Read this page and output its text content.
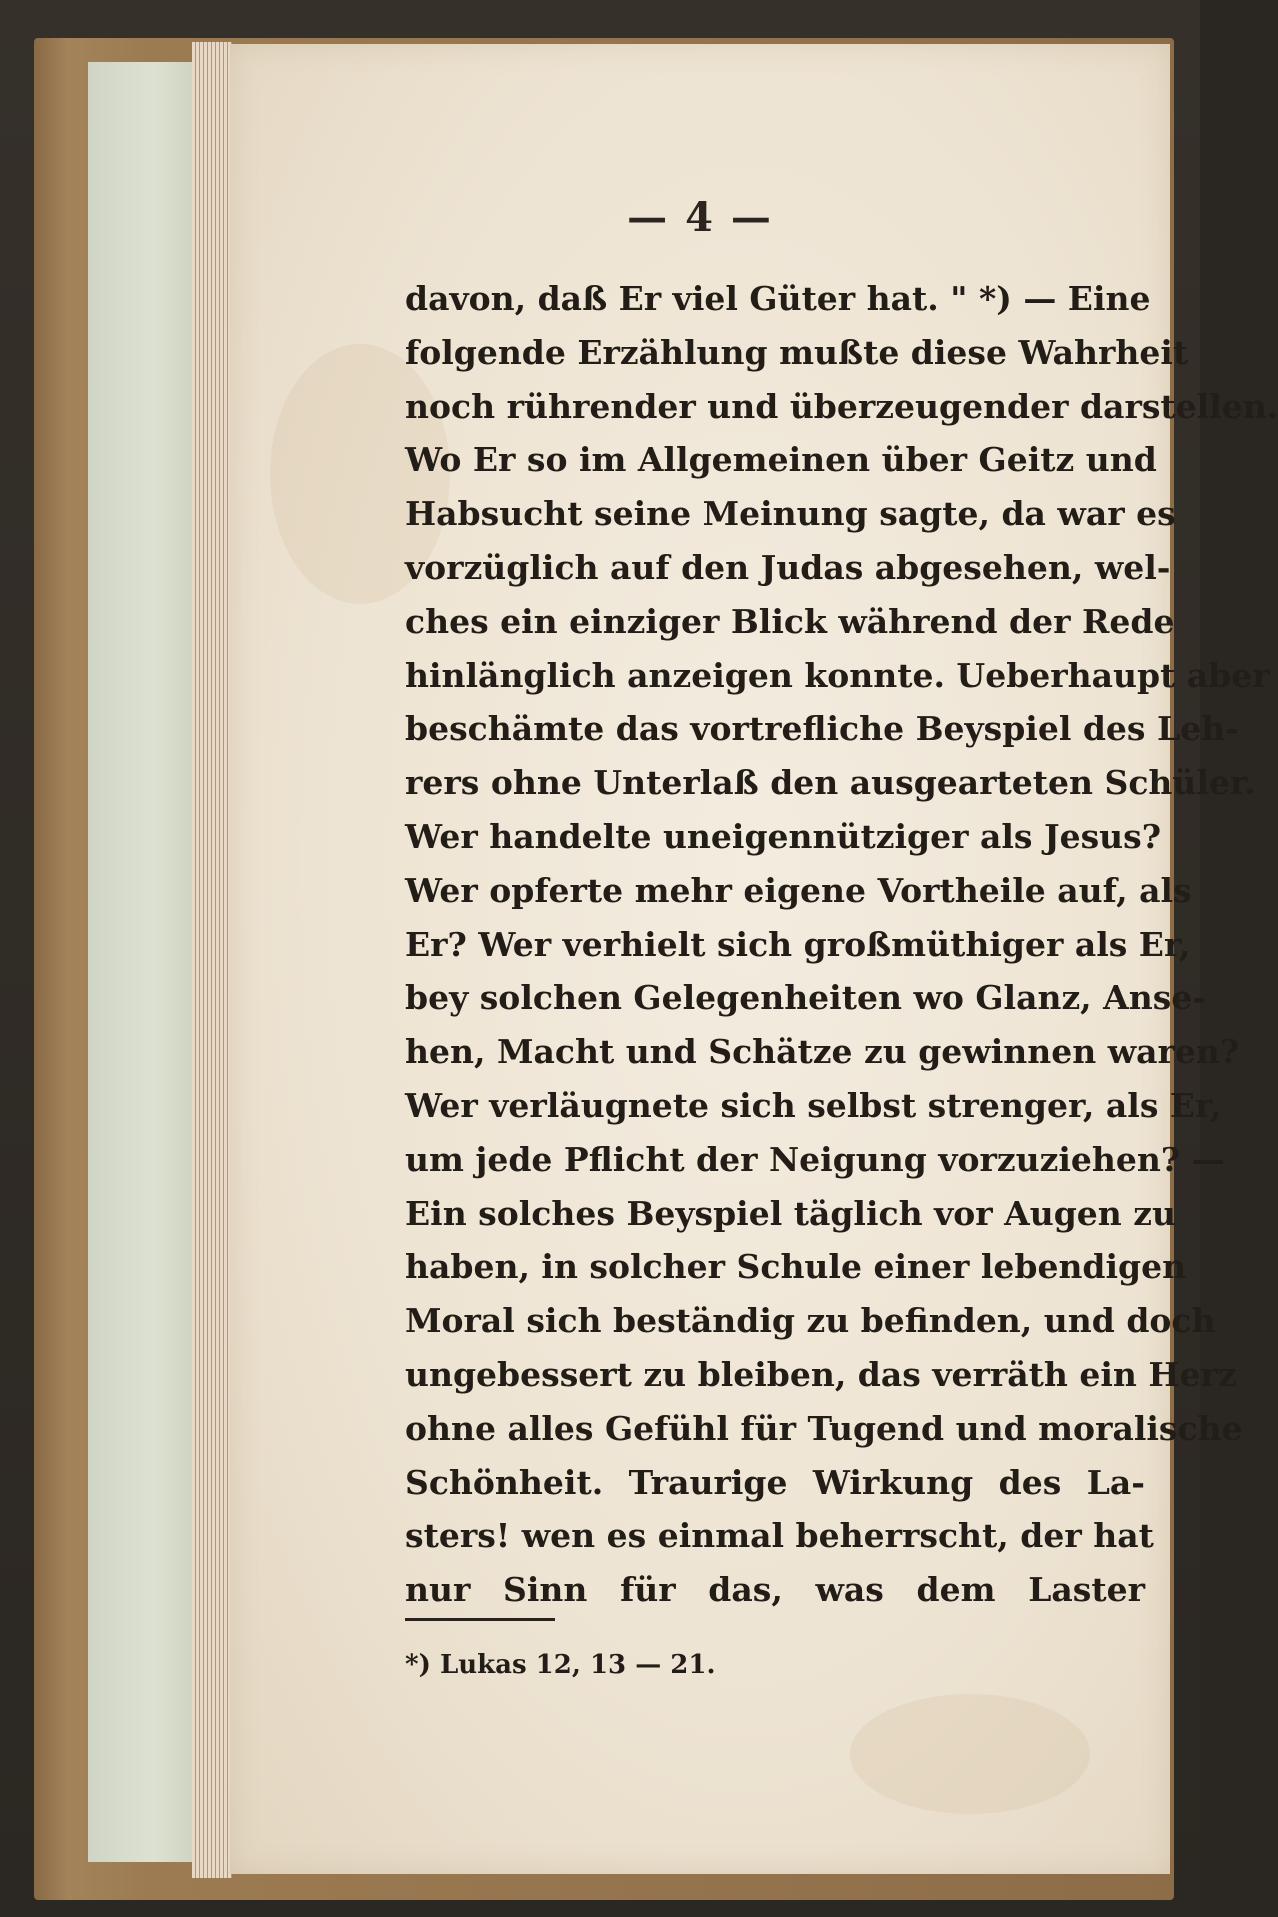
— 4 —
davon, daß Er viel Güter hat. " *) — Eine
folgende Erzählung mußte diese Wahrheit
noch rührender und überzeugender darstellen.
Wo Er so im Allgemeinen über Geitz und
Habsucht seine Meinung sagte, da war es
vorzüglich auf den Judas abgesehen, wel-
ches ein einziger Blick während der Rede
hinlänglich anzeigen konnte. Ueberhaupt aber
beschämte das vortrefliche Beyspiel des Leh-
rers ohne Unterlaß den ausgearteten Schüler.
Wer handelte uneigennütziger als Jesus?
Wer opferte mehr eigene Vortheile auf, als
Er? Wer verhielt sich großmüthiger als Er,
bey solchen Gelegenheiten wo Glanz, Anse-
hen, Macht und Schätze zu gewinnen waren?
Wer verläugnete sich selbst strenger, als Er,
um jede Pflicht der Neigung vorzuziehen? —
Ein solches Beyspiel täglich vor Augen zu
haben, in solcher Schule einer lebendigen
Moral sich beständig zu befinden, und doch
ungebessert zu bleiben, das verräth ein Herz
ohne alles Gefühl für Tugend und moralische
Schönheit. Traurige Wirkung des La-
sters! wen es einmal beherrscht, der hat
nur Sinn für das, was dem Laster
*) Lukas 12, 13 — 21.
